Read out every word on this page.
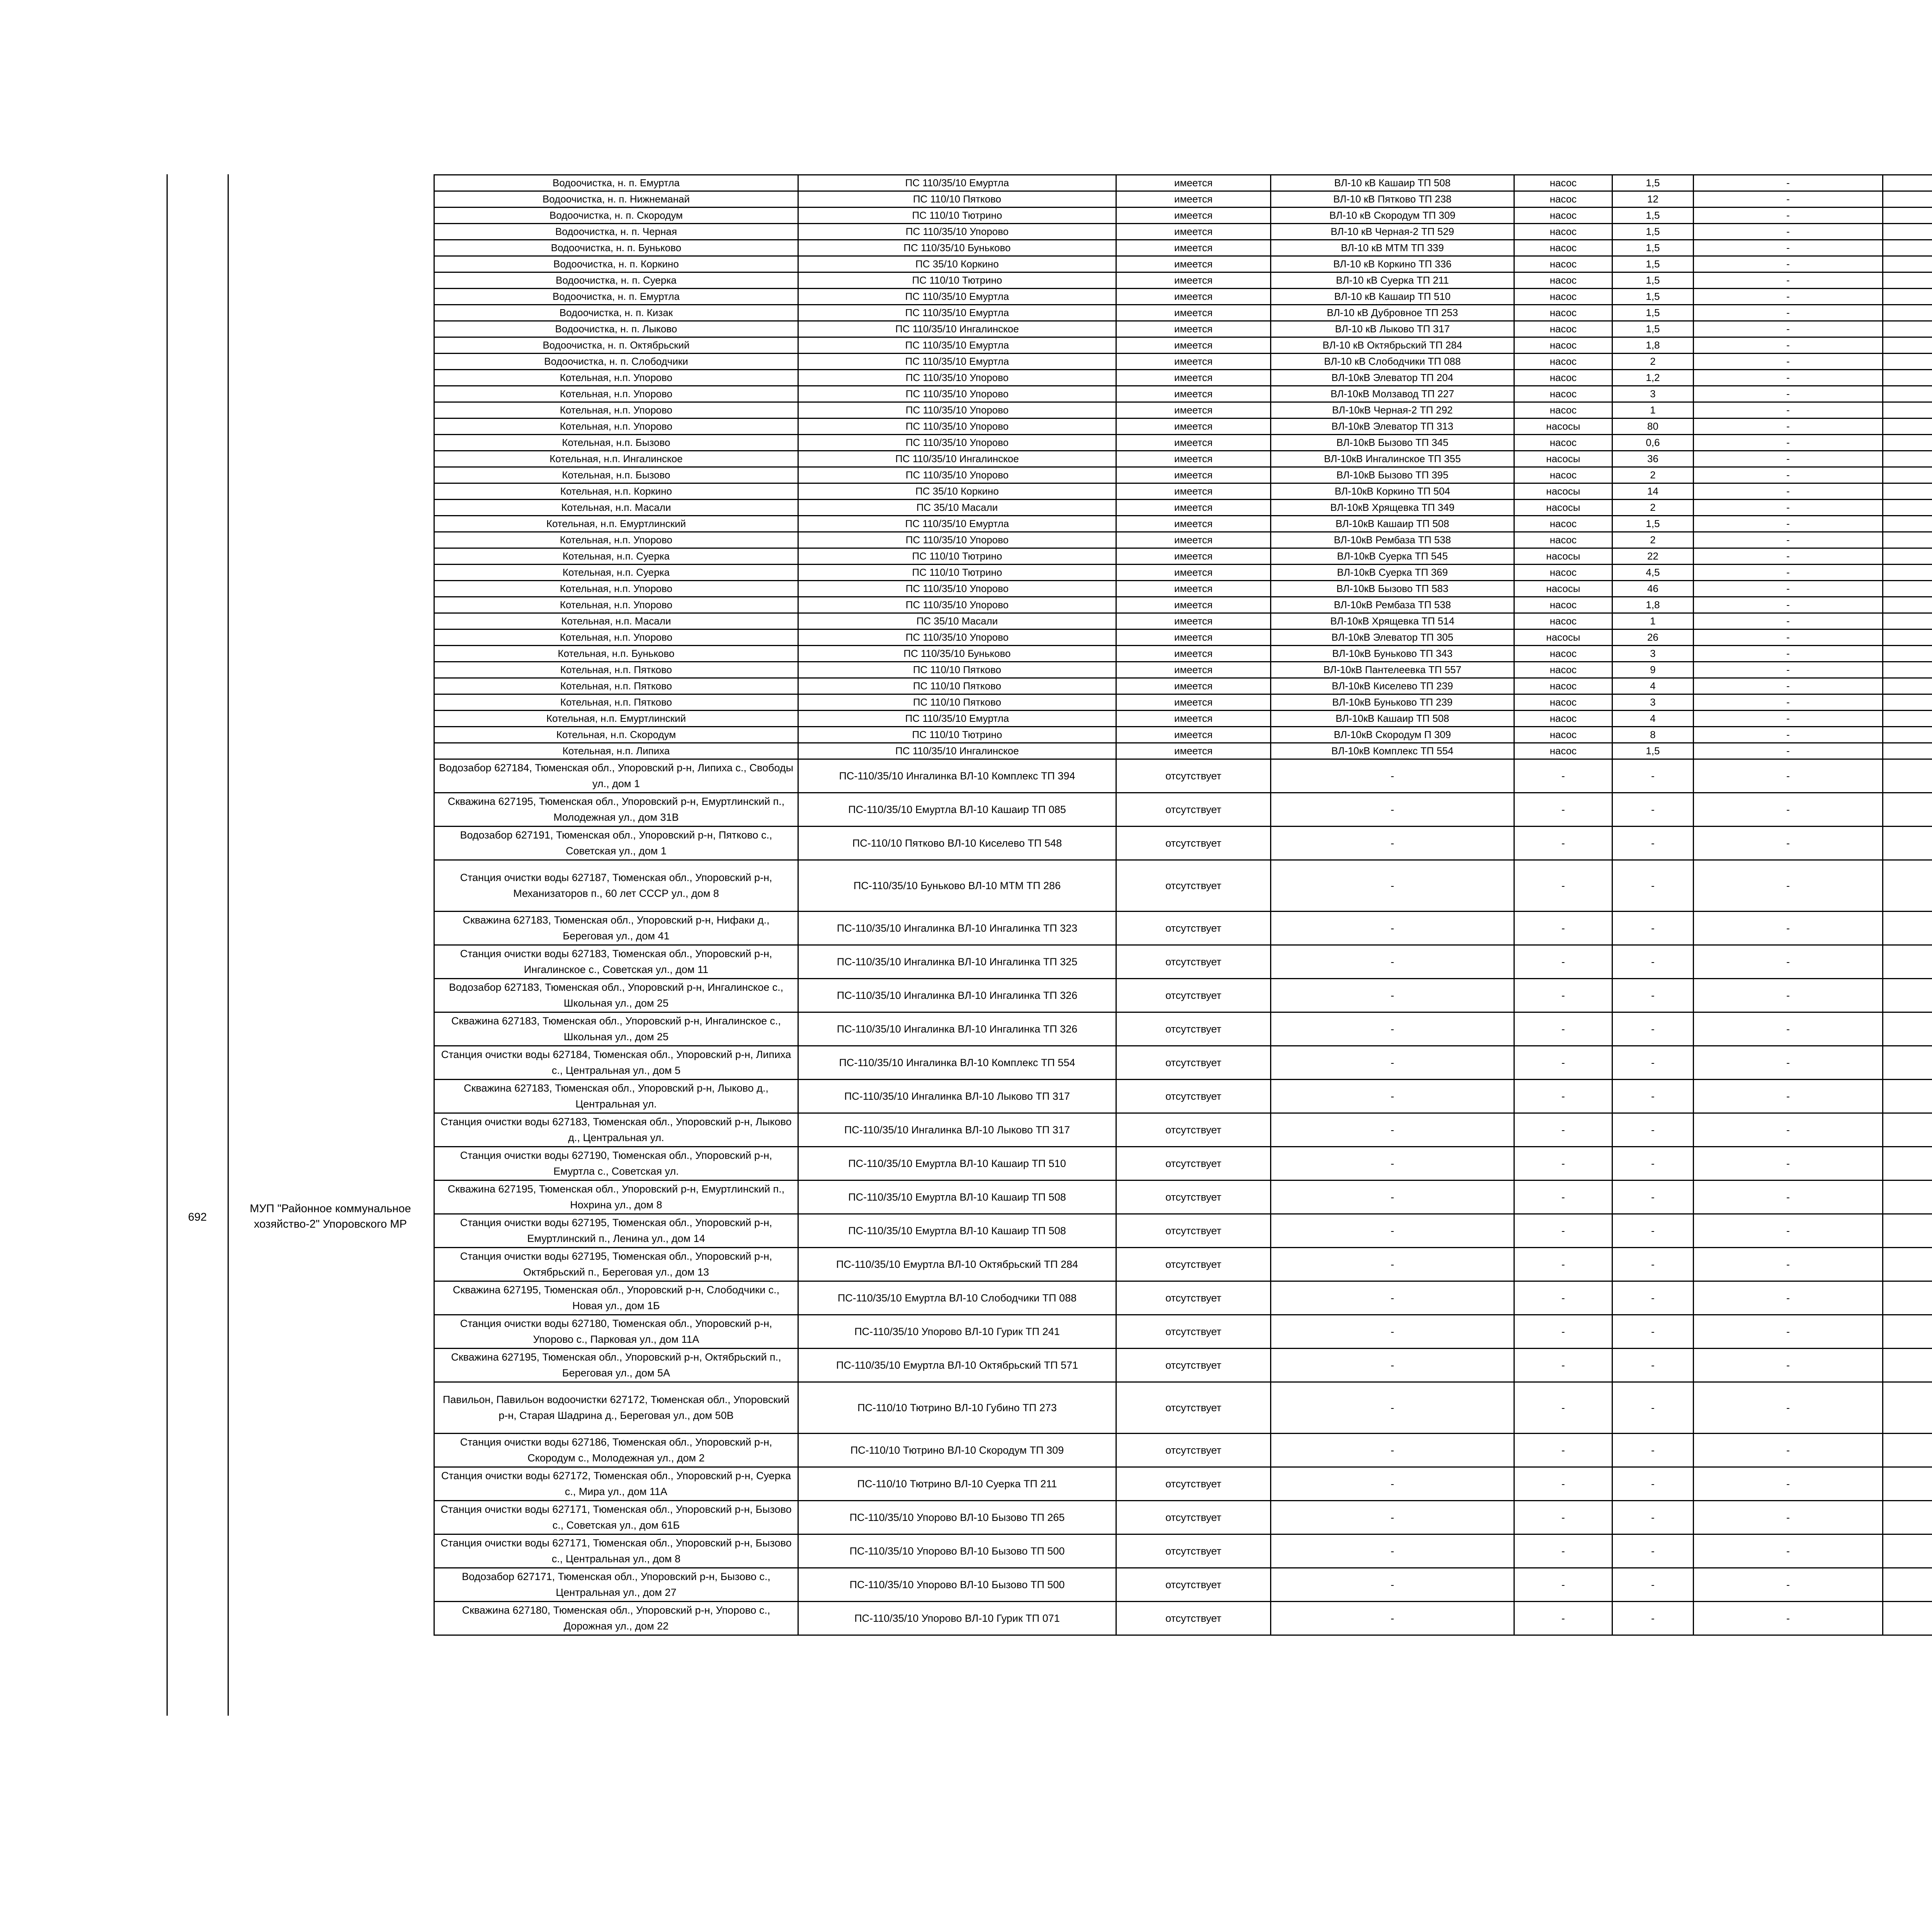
692
МУП "Районное коммунальное хозяйство-2" Упоровского МР
Водоочистка, н. п. Емуртла	ПС 110/35/10 Емуртла	имеется	ВЛ-10 кВ Кашаир ТП 508	насос	1,5	-		
Водоочистка, н. п. Нижнеманай	ПС 110/10 Пятково	имеется	ВЛ-10 кВ Пятково ТП 238	насос	12	-		
Водоочистка, н. п. Скородум	ПС 110/10 Тютрино	имеется	ВЛ-10 кВ Скородум ТП 309	насос	1,5	-		
Водоочистка, н. п. Черная	ПС 110/35/10 Упорово	имеется	ВЛ-10 кВ Черная-2 ТП 529	насос	1,5	-		
Водоочистка, н. п. Буньково	ПС 110/35/10 Буньково	имеется	ВЛ-10 кВ МТМ ТП 339	насос	1,5	-		
Водоочистка, н. п. Коркино	ПС 35/10 Коркино	имеется	ВЛ-10 кВ Коркино ТП 336	насос	1,5	-		
Водоочистка, н. п. Суерка	ПС 110/10 Тютрино	имеется	ВЛ-10 кВ Суерка ТП 211	насос	1,5	-		
Водоочистка, н. п. Емуртла	ПС 110/35/10 Емуртла	имеется	ВЛ-10 кВ Кашаир ТП 510	насос	1,5	-		
Водоочистка, н. п. Кизак	ПС 110/35/10 Емуртла	имеется	ВЛ-10 кВ Дубровное ТП 253	насос	1,5	-		
Водоочистка, н. п. Лыково	ПС 110/35/10 Ингалинское	имеется	ВЛ-10 кВ Лыково ТП 317	насос	1,5	-		
Водоочистка, н. п. Октябрьский	ПС 110/35/10 Емуртла	имеется	ВЛ-10 кВ Октябрьский ТП 284	насос	1,8	-		
Водоочистка, н. п. Слободчики	ПС 110/35/10 Емуртла	имеется	ВЛ-10 кВ Слободчики ТП 088	насос	2	-		
Котельная, н.п. Упорово	ПС 110/35/10 Упорово	имеется	ВЛ-10кВ Элеватор ТП 204	насос	1,2	-		
Котельная, н.п. Упорово	ПС 110/35/10 Упорово	имеется	ВЛ-10кВ Молзавод ТП 227	насос	3	-		
Котельная, н.п. Упорово	ПС 110/35/10 Упорово	имеется	ВЛ-10кВ Черная-2 ТП 292	насос	1	-		
Котельная, н.п. Упорово	ПС 110/35/10 Упорово	имеется	ВЛ-10кВ Элеватор ТП 313	насосы	80	-		
Котельная, н.п. Бызово	ПС 110/35/10 Упорово	имеется	ВЛ-10кВ Бызово ТП 345	насос	0,6	-		
Котельная, н.п. Ингалинское	ПС 110/35/10 Ингалинское	имеется	ВЛ-10кВ Ингалинское ТП 355	насосы	36	-		
Котельная, н.п. Бызово	ПС 110/35/10 Упорово	имеется	ВЛ-10кВ Бызово ТП 395	насос	2	-		
Котельная, н.п. Коркино	ПС 35/10 Коркино	имеется	ВЛ-10кВ Коркино ТП 504	насосы	14	-		
Котельная, н.п. Масали	ПС 35/10 Масали	имеется	ВЛ-10кВ Хрящевка ТП 349	насосы	2	-		
Котельная, н.п. Емуртлинский	ПС 110/35/10 Емуртла	имеется	ВЛ-10кВ Кашаир ТП 508	насос	1,5	-		
Котельная, н.п. Упорово	ПС 110/35/10 Упорово	имеется	ВЛ-10кВ Рембаза ТП 538	насос	2	-		
Котельная, н.п. Суерка	ПС 110/10 Тютрино	имеется	ВЛ-10кВ Суерка ТП 545	насосы	22	-		
Котельная, н.п. Суерка	ПС 110/10 Тютрино	имеется	ВЛ-10кВ Суерка ТП 369	насос	4,5	-		
Котельная, н.п. Упорово	ПС 110/35/10 Упорово	имеется	ВЛ-10кВ Бызово ТП 583	насосы	46	-		
Котельная, н.п. Упорово	ПС 110/35/10 Упорово	имеется	ВЛ-10кВ Рембаза ТП 538	насос	1,8	-		
Котельная, н.п. Масали	ПС 35/10 Масали	имеется	ВЛ-10кВ Хрящевка ТП 514	насос	1	-		
Котельная, н.п. Упорово	ПС 110/35/10 Упорово	имеется	ВЛ-10кВ Элеватор ТП 305	насосы	26	-		
Котельная, н.п. Буньково	ПС 110/35/10 Буньково	имеется	ВЛ-10кВ Буньково ТП 343	насос	3	-		
Котельная, н.п. Пятково	ПС 110/10 Пятково	имеется	ВЛ-10кВ Пантелеевка ТП 557	насос	9	-		
Котельная, н.п. Пятково	ПС 110/10 Пятково	имеется	ВЛ-10кВ Киселево ТП 239	насос	4	-		
Котельная, н.п. Пятково	ПС 110/10 Пятково	имеется	ВЛ-10кВ Буньково ТП 239	насос	3	-		
Котельная, н.п. Емуртлинский	ПС 110/35/10 Емуртла	имеется	ВЛ-10кВ Кашаир ТП 508	насос	4	-		
Котельная, н.п. Скородум	ПС 110/10 Тютрино	имеется	ВЛ-10кВ Скородум П 309	насос	8	-		
Котельная, н.п. Липиха	ПС 110/35/10 Ингалинское	имеется	ВЛ-10кВ Комплекс ТП 554	насос	1,5	-		
Водозабор 627184, Тюменская обл., Упоровский р-н, Липиха с., Свободы ул., дом 1	ПС-110/35/10 Ингалинка ВЛ-10 Комплекс ТП 394	отсутствует	-	-	-	-		
Скважина 627195, Тюменская обл., Упоровский р-н, Емуртлинский п., Молодежная ул., дом 31В	ПС-110/35/10 Емуртла ВЛ-10 Кашаир ТП 085	отсутствует	-	-	-	-		
Водозабор 627191, Тюменская обл., Упоровский р-н, Пятково с., Советская ул., дом 1	ПС-110/10 Пятково ВЛ-10 Киселево ТП 548	отсутствует	-	-	-	-		
Станция очистки воды 627187, Тюменская обл., Упоровский р-н, Механизаторов п., 60 лет СССР ул., дом 8	ПС-110/35/10 Буньково ВЛ-10 МТМ ТП 286	отсутствует	-	-	-	-		
Скважина 627183, Тюменская обл., Упоровский р-н, Нифаки д., Береговая ул., дом 41	ПС-110/35/10 Ингалинка ВЛ-10 Ингалинка ТП 323	отсутствует	-	-	-	-		
Станция очистки воды 627183, Тюменская обл., Упоровский р-н, Ингалинское с., Советская ул., дом 11	ПС-110/35/10 Ингалинка ВЛ-10 Ингалинка ТП 325	отсутствует	-	-	-	-		
Водозабор 627183, Тюменская обл., Упоровский р-н, Ингалинское с., Школьная ул., дом 25	ПС-110/35/10 Ингалинка ВЛ-10 Ингалинка ТП 326	отсутствует	-	-	-	-		
Скважина 627183, Тюменская обл., Упоровский р-н, Ингалинское с., Школьная ул., дом 25	ПС-110/35/10 Ингалинка ВЛ-10 Ингалинка ТП 326	отсутствует	-	-	-	-		
Станция очистки воды 627184, Тюменская обл., Упоровский р-н, Липиха с., Центральная ул., дом 5	ПС-110/35/10 Ингалинка ВЛ-10 Комплекс ТП 554	отсутствует	-	-	-	-		
Скважина 627183, Тюменская обл., Упоровский р-н, Лыково д., Центральная ул.	ПС-110/35/10 Ингалинка ВЛ-10 Лыково ТП 317	отсутствует	-	-	-	-		
Станция очистки воды 627183, Тюменская обл., Упоровский р-н, Лыково д., Центральная ул.	ПС-110/35/10 Ингалинка ВЛ-10 Лыково ТП 317	отсутствует	-	-	-	-		
Станция очистки воды 627190, Тюменская обл., Упоровский р-н, Емуртла с., Советская ул.	ПС-110/35/10 Емуртла ВЛ-10 Кашаир ТП 510	отсутствует	-	-	-	-		
Скважина 627195, Тюменская обл., Упоровский р-н, Емуртлинский п., Нохрина ул., дом 8	ПС-110/35/10 Емуртла ВЛ-10 Кашаир ТП 508	отсутствует	-	-	-	-		
Станция очистки воды 627195, Тюменская обл., Упоровский р-н, Емуртлинский п., Ленина ул., дом 14	ПС-110/35/10 Емуртла ВЛ-10 Кашаир ТП 508	отсутствует	-	-	-	-		
Станция очистки воды 627195, Тюменская обл., Упоровский р-н, Октябрьский п., Береговая ул., дом 13	ПС-110/35/10 Емуртла ВЛ-10 Октябрьский ТП 284	отсутствует	-	-	-	-		
Скважина 627195, Тюменская обл., Упоровский р-н, Слободчики с., Новая ул., дом 1Б	ПС-110/35/10 Емуртла ВЛ-10 Слободчики ТП 088	отсутствует	-	-	-	-		
Станция очистки воды 627180, Тюменская обл., Упоровский р-н, Упорово с., Парковая ул., дом 11А	ПС-110/35/10 Упорово ВЛ-10 Гурик ТП 241	отсутствует	-	-	-	-		
Скважина 627195, Тюменская обл., Упоровский р-н, Октябрьский п., Береговая ул., дом 5А	ПС-110/35/10 Емуртла ВЛ-10 Октябрьский ТП 571	отсутствует	-	-	-	-		
Павильон, Павильон водоочистки 627172, Тюменская обл., Упоровский р-н, Старая Шадрина д., Береговая ул., дом 50В	ПС-110/10 Тютрино ВЛ-10 Губино ТП 273	отсутствует	-	-	-	-		
Станция очистки воды 627186, Тюменская обл., Упоровский р-н, Скородум с., Молодежная ул., дом 2	ПС-110/10 Тютрино ВЛ-10 Скородум ТП 309	отсутствует	-	-	-	-		
Станция очистки воды 627172, Тюменская обл., Упоровский р-н, Суерка с., Мира ул., дом 11А	ПС-110/10 Тютрино ВЛ-10 Суерка ТП 211	отсутствует	-	-	-	-		
Станция очистки воды 627171, Тюменская обл., Упоровский р-н, Бызово с., Советская ул., дом 61Б	ПС-110/35/10 Упорово ВЛ-10 Бызово ТП 265	отсутствует	-	-	-	-		
Станция очистки воды 627171, Тюменская обл., Упоровский р-н, Бызово с., Центральная ул., дом 8	ПС-110/35/10 Упорово ВЛ-10 Бызово ТП 500	отсутствует	-	-	-	-		
Водозабор 627171, Тюменская обл., Упоровский р-н, Бызово с., Центральная ул., дом 27	ПС-110/35/10 Упорово ВЛ-10 Бызово ТП 500	отсутствует	-	-	-	-		
Скважина 627180, Тюменская обл., Упоровский р-н, Упорово с., Дорожная ул., дом 22	ПС-110/35/10 Упорово ВЛ-10 Гурик ТП 071	отсутствует	-	-	-	-		
